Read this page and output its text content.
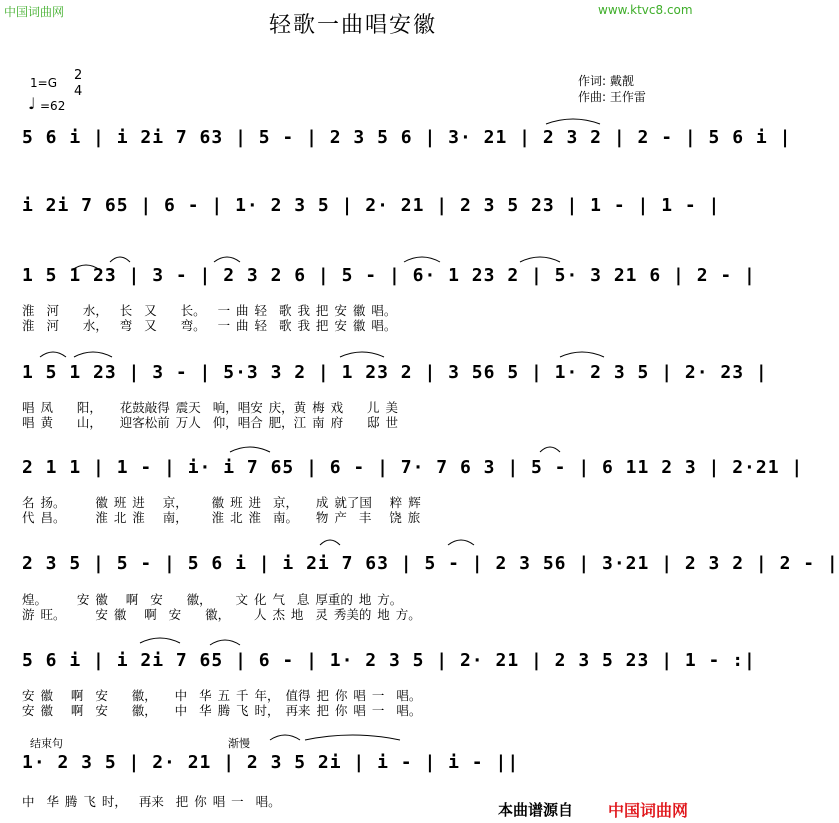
中国词曲网	www.ktvc8.com
轻歌一曲唱安徽
1=G 2
4
♩ =62
作词: 戴靓
作曲: 王作雷
5 6 i | i 2i 7 63 | 5 - | 2 3 5 6 | 3· 21 | 2 3 2 | 2 - | 5 6 i |
i 2i 7 65 | 6 - | 1· 2 3 5 | 2· 21 | 2 3 5 23 | 1 - | 1 - |
1 5 1 23 | 3 - | 2 3 2 6 | 5 - | 6· 1 23 2 | 5· 3 21 6 | 2 - |
淮  河    水，  长  又    长。  一 曲 轻  歌 我 把 安 徽 唱。
淮  河    水，  弯  又    弯。  一 曲 轻  歌 我 把 安 徽 唱。
1 5 1 23 | 3 - | 5·3 3 2 | 1 23 2 | 3 56 5 | 1· 2 3 5 | 2· 23 |
唱 凤    阳，   花鼓敲得 震天  响，唱安 庆，黄 梅 戏    儿 美
唱 黄    山，   迎客松前 万人  仰，唱合 肥，江 南 府    邸 世
2 1 1 | 1 - | i· i 7 65 | 6 - | 7· 7 6 3 | 5 - | 6 11 2 3 | 2·21 |
名 扬。     徽 班 进   京，    徽 班 进  京，   成 就了国   粹 辉
代 昌。     淮 北 淮   南，    淮 北 淮  南。   物 产  丰   饶 旅
2 3 5 | 5 - | 5 6 i | i 2i 7 63 | 5 - | 2 3 56 | 3·21 | 2 3 2 | 2 - |
煌。     安 徽   啊  安    徽，    文 化 气  息 厚重的 地 方。
游 旺。     安 徽   啊  安    徽，    人 杰 地  灵 秀美的 地 方。
5 6 i | i 2i 7 65 | 6 - | 1· 2 3 5 | 2· 21 | 2 3 5 23 | 1 - :|
安 徽   啊  安    徽，   中  华 五 千 年， 值得 把 你 唱 一  唱。
安 徽   啊  安    徽，   中  华 腾 飞 时， 再来 把 你 唱 一  唱。
结束句	渐慢
1· 2 3 5 | 2· 21 | 2 3 5 2i | i - | i - ||
中  华 腾 飞 时，  再来  把 你 唱 一  唱。	本曲谱源自 中国词曲网
